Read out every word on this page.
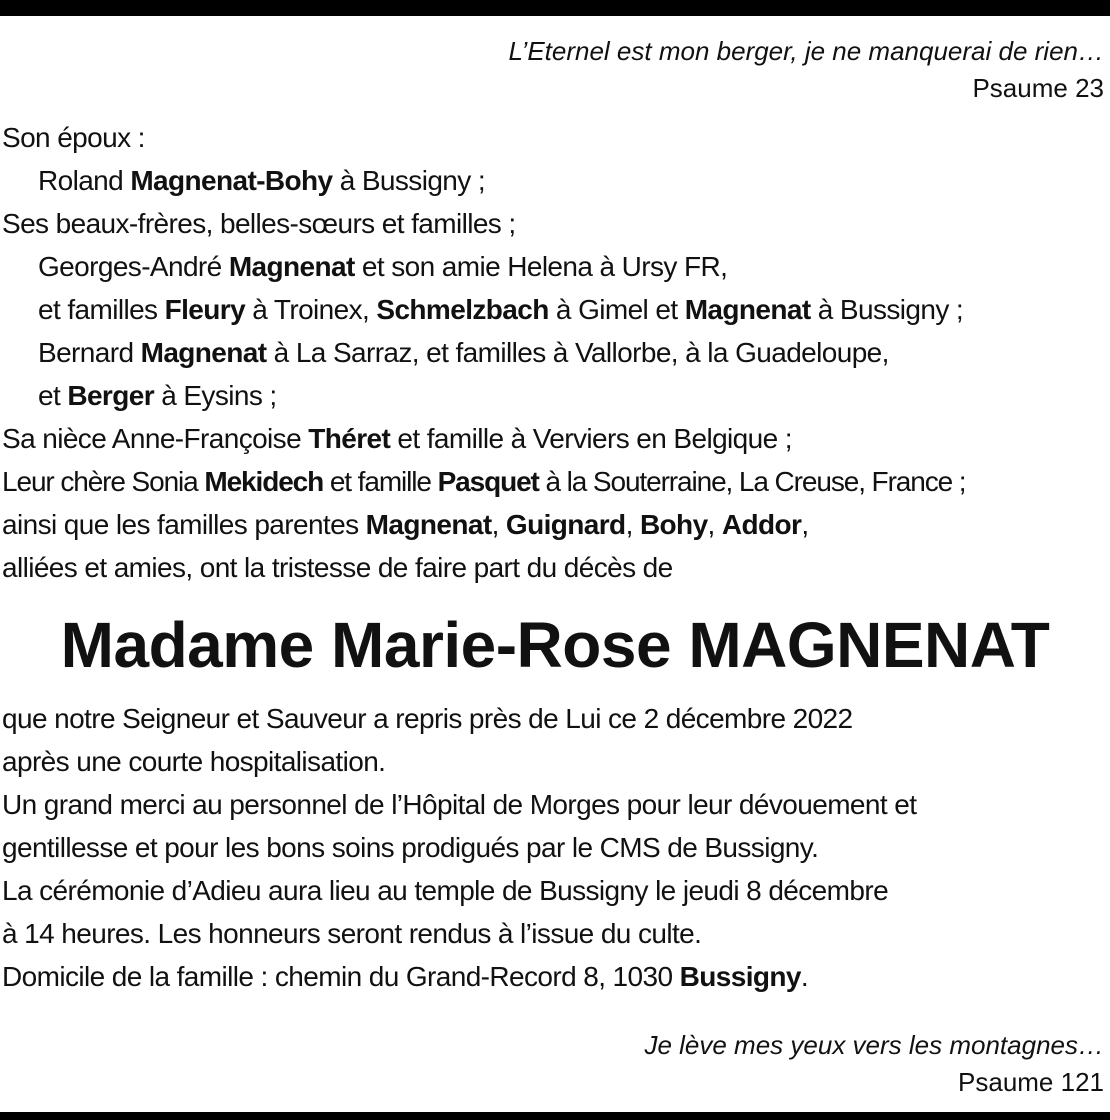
L’Eternel est mon berger, je ne manquerai de rien…
Psaume 23
Son époux :
Roland Magnenat-Bohy à Bussigny ;
Ses beaux-frères, belles-sœurs et familles ;
Georges-André Magnenat et son amie Helena à Ursy FR,
et familles Fleury à Troinex, Schmelzbach à Gimel et Magnenat à Bussigny ;
Bernard Magnenat à La Sarraz, et familles à Vallorbe, à la Guadeloupe,
et Berger à Eysins ;
Sa nièce Anne-Françoise Théret et famille à Verviers en Belgique ;
Leur chère Sonia Mekidech et famille Pasquet à la Souterraine, La Creuse, France ;
ainsi que les familles parentes Magnenat, Guignard, Bohy, Addor,
alliées et amies, ont la tristesse de faire part du décès de
Madame Marie-Rose MAGNENAT
que notre Seigneur et Sauveur a repris près de Lui ce 2 décembre 2022
après une courte hospitalisation.
Un grand merci au personnel de l’Hôpital de Morges pour leur dévouement et
gentillesse et pour les bons soins prodigués par le CMS de Bussigny.
La cérémonie d’Adieu aura lieu au temple de Bussigny le jeudi 8 décembre
à 14 heures. Les honneurs seront rendus à l’issue du culte.
Domicile de la famille : chemin du Grand-Record 8, 1030 Bussigny.
Je lève mes yeux vers les montagnes…
Psaume 121
